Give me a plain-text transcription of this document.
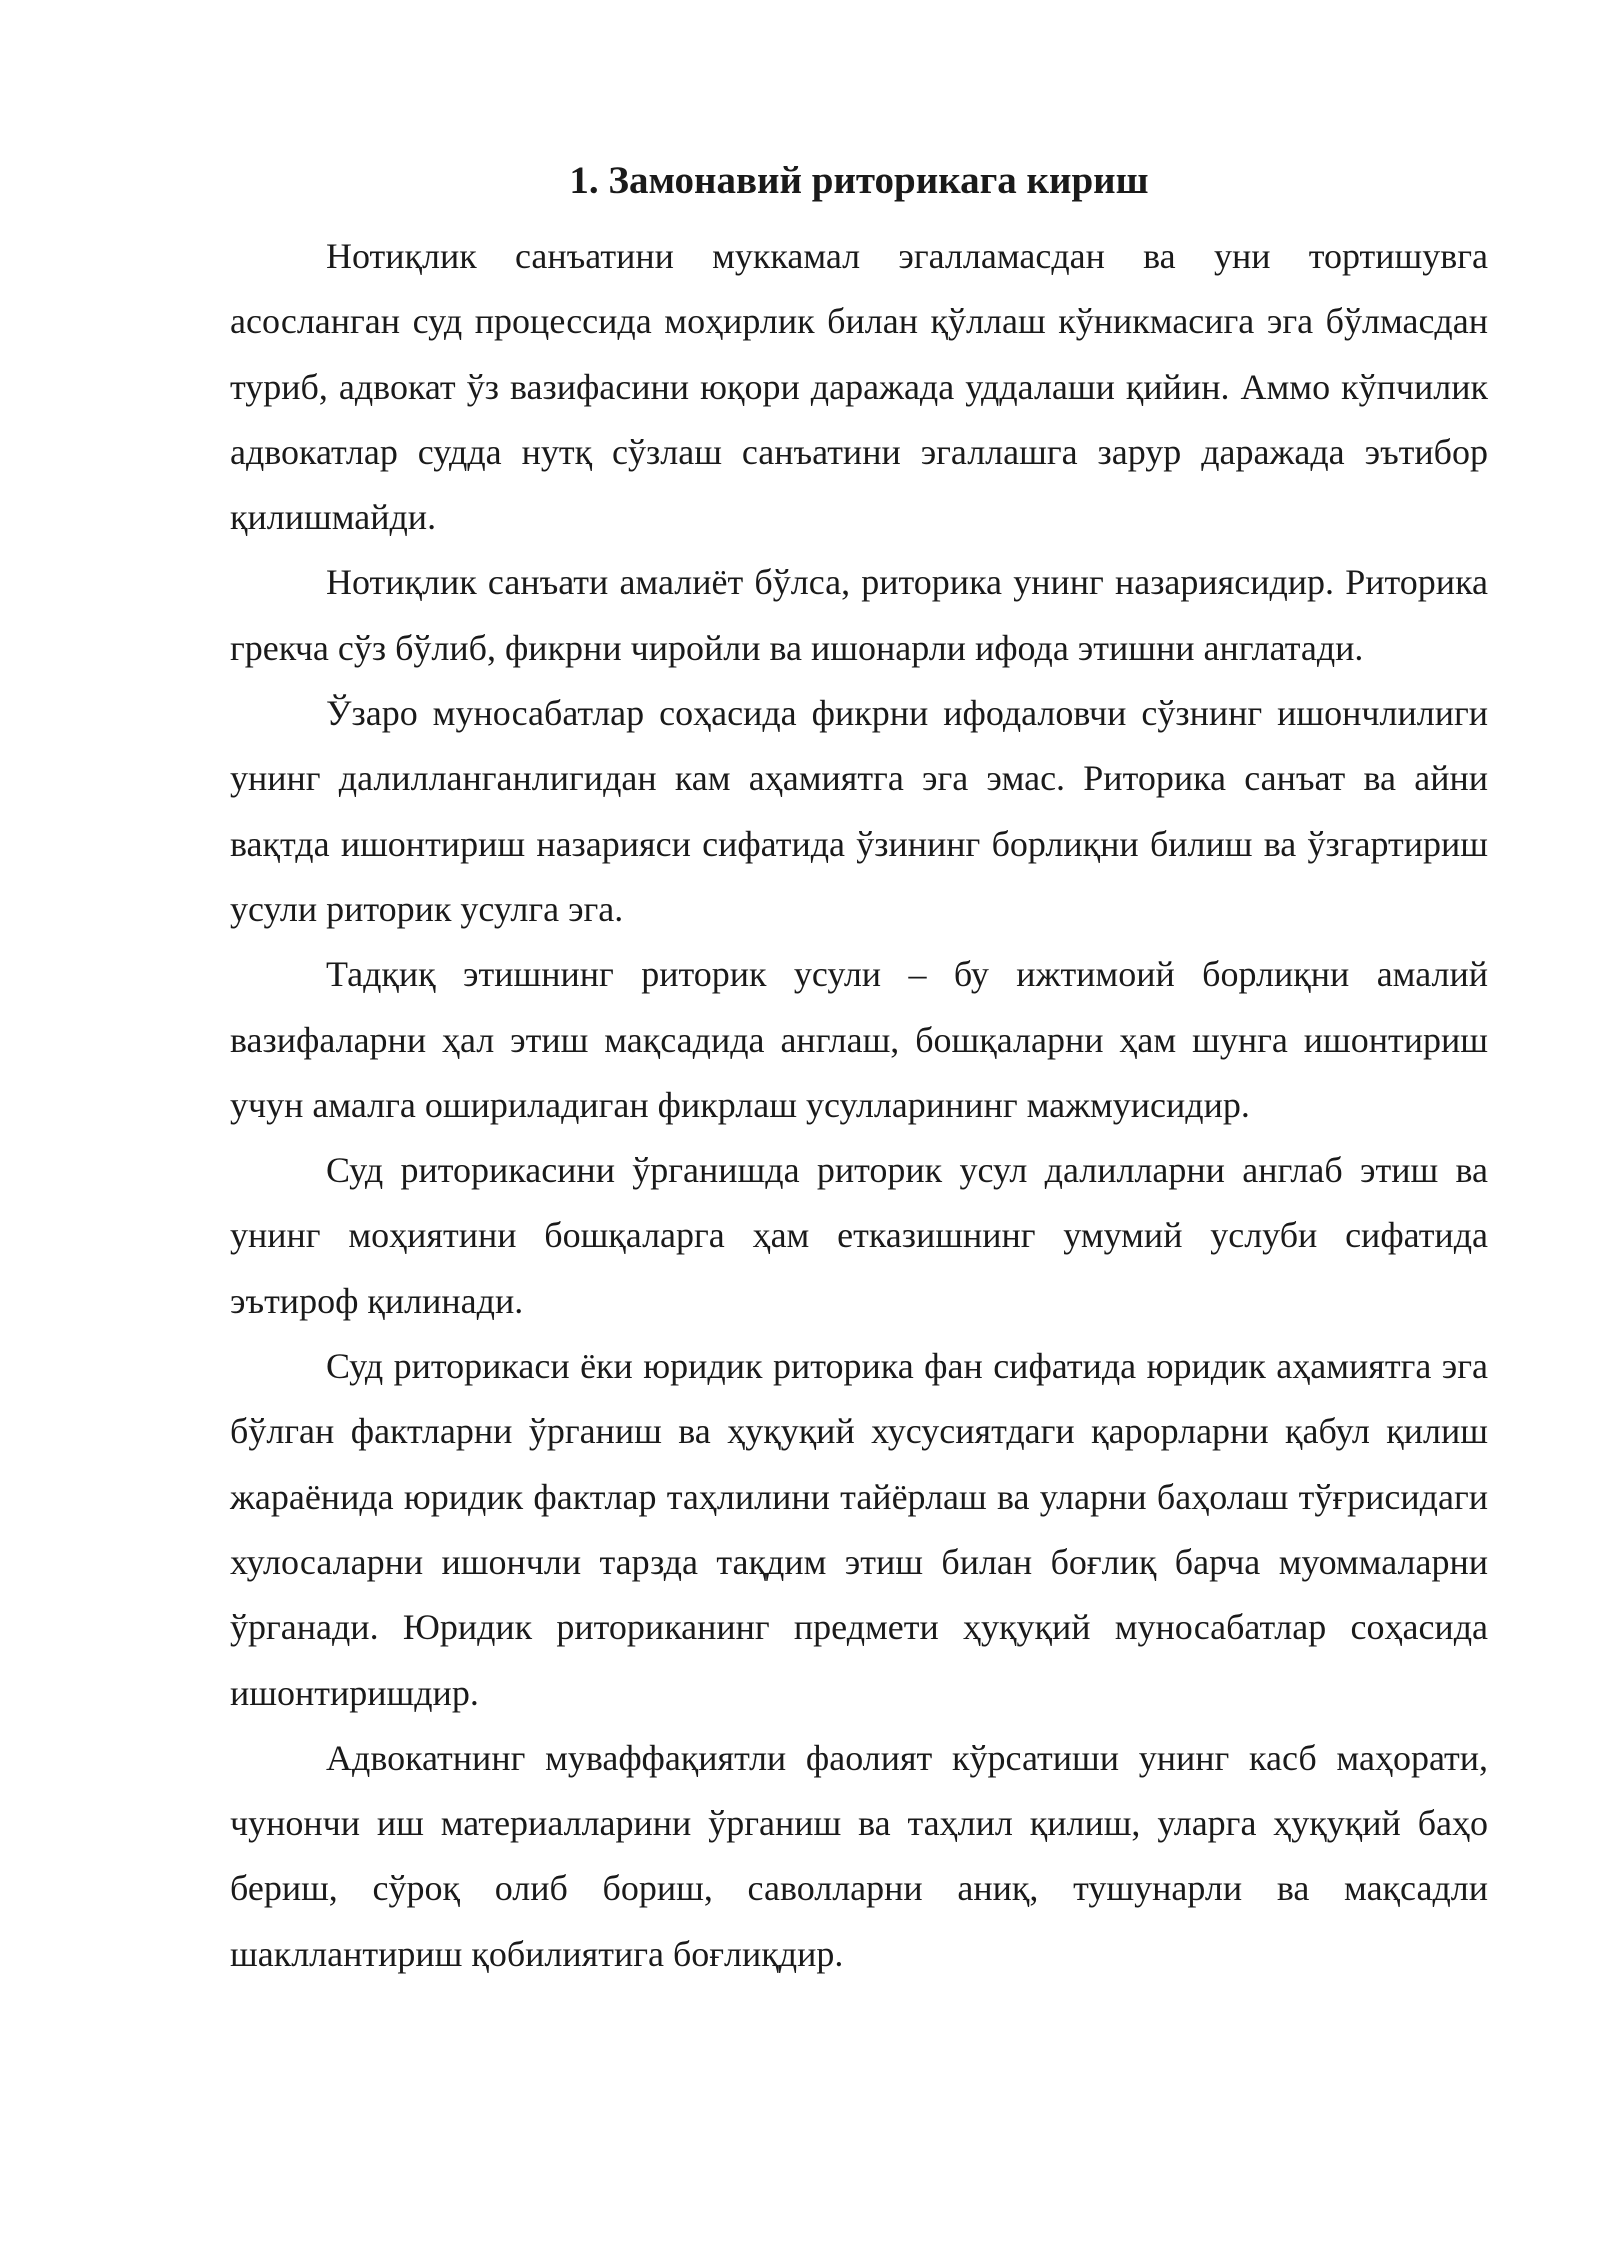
1. Замонавий риторикага кириш

Нотиқлик санъатини муккамал эгалламасдан ва уни тортишувга асосланган суд процессида моҳирлик билан қўллаш кўникмасига эга бўлмасдан туриб, адвокат ўз вазифасини юқори даражада уддалаши қийин. Аммо кўпчилик адвокатлар судда нутқ сўзлаш санъатини эгаллашга зарур даражада эътибор қилишмайди.

Нотиқлик санъати амалиёт бўлса, риторика унинг назариясидир. Риторика грекча сўз бўлиб, фикрни чиройли ва ишонарли ифода этишни англатади.

Ўзаро муносабатлар соҳасида фикрни ифодаловчи сўзнинг ишончлилиги унинг далилланганлигидан кам аҳамиятга эга эмас. Риторика санъат ва айни вақтда ишонтириш назарияси сифатида ўзининг борлиқни билиш ва ўзгартириш усули риторик усулга эга.

Тадқиқ этишнинг риторик усули – бу ижтимоий борлиқни амалий вазифаларни ҳал этиш мақсадида англаш, бошқаларни ҳам шунга ишонтириш учун амалга ошириладиган фикрлаш усулларининг мажмуисидир.

Суд риторикасини ўрганишда риторик усул далилларни англаб этиш ва унинг моҳиятини бошқаларга ҳам етказишнинг умумий услуби сифатида эътироф қилинади.

Суд риторикаси ёки юридик риторика фан сифатида юридик аҳамиятга эга бўлган фактларни ўрганиш ва ҳуқуқий хусусиятдаги қарорларни қабул қилиш жараёнида юридик фактлар таҳлилини тайёрлаш ва уларни баҳолаш тўғрисидаги хулосаларни ишончли тарзда тақдим этиш билан боғлиқ барча муоммаларни ўрганади. Юридик риториканинг предмети ҳуқуқий муносабатлар соҳасида ишонтиришдир.

Адвокатнинг муваффақиятли фаолият кўрсатиши унинг касб маҳорати, чунончи иш материалларини ўрганиш ва таҳлил қилиш, уларга ҳуқуқий баҳо бериш, сўроқ олиб бориш, саволларни аниқ, тушунарли ва мақсадли шакллантириш қобилиятига боғлиқдир.
